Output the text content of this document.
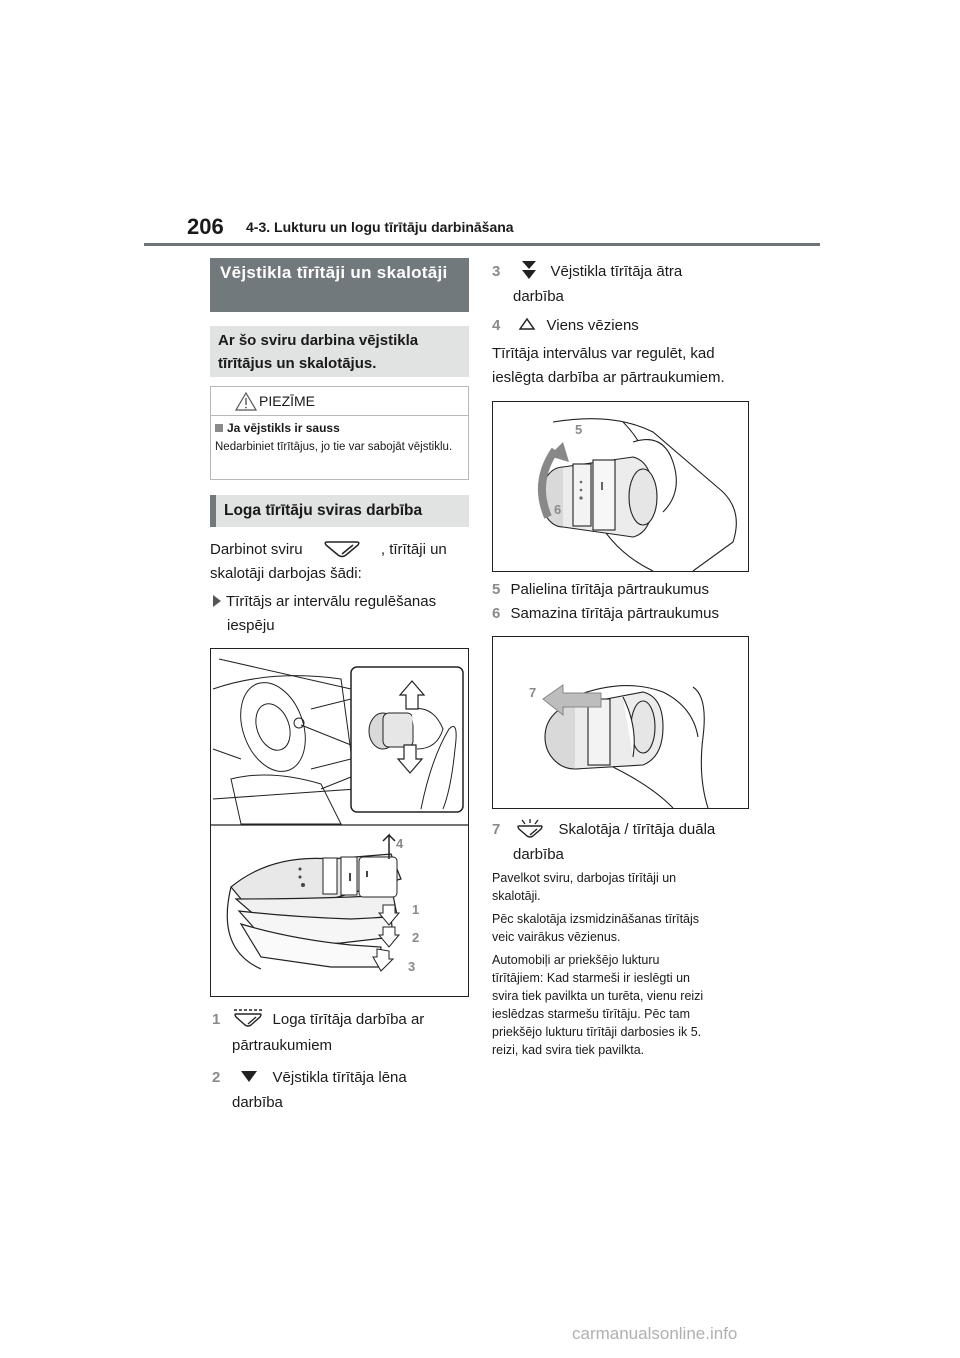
206 4-3. Lukturu un logu tīrītāju darbināšana
Vējstikla tīrītāji un skalotāji
Ar šo sviru darbina vējstikla tīrītājus un skalotājus.
PIEZĪME
Ja vējstikls ir sauss
Nedarbiniet tīrītājus, jo tie var sabojāt vējstiklu.
Loga tīrītāju sviras darbība
Darbinot sviru	, tīrītāji un
skalotāji darbojas šādi:
Tīrītājs ar intervālu regulēšanas
iespēju
4
1
2
3
1	Loga tīrītāja darbība ar
pārtraukumiem
2	Vējstikla tīrītāja lēna
darbība
3	Vējstikla tīrītāja ātra
darbība
4	Viens vēziens
Tīrītāja intervālus var regulēt, kad
ieslēgta darbība ar pārtraukumiem.
5
6
5 Palielina tīrītāja pārtraukumus
6 Samazina tīrītāja pārtraukumus
7
7	Skalotāja / tīrītāja duāla
darbība
Pavelkot sviru, darbojas tīrītāji un
skalotāji.
Pēc skalotāja izsmidzināšanas tīrītājs
veic vairākus vēzienus.
Automobiļi ar priekšējo lukturu
tīrītājiem: Kad starmeši ir ieslēgti un
svira tiek pavilkta un turēta, vienu reizi
ieslēdzas starmešu tīrītāju. Pēc tam
priekšējo lukturu tīrītāji darbosies ik 5.
reizi, kad svira tiek pavilkta.
carmanualsonline.info
